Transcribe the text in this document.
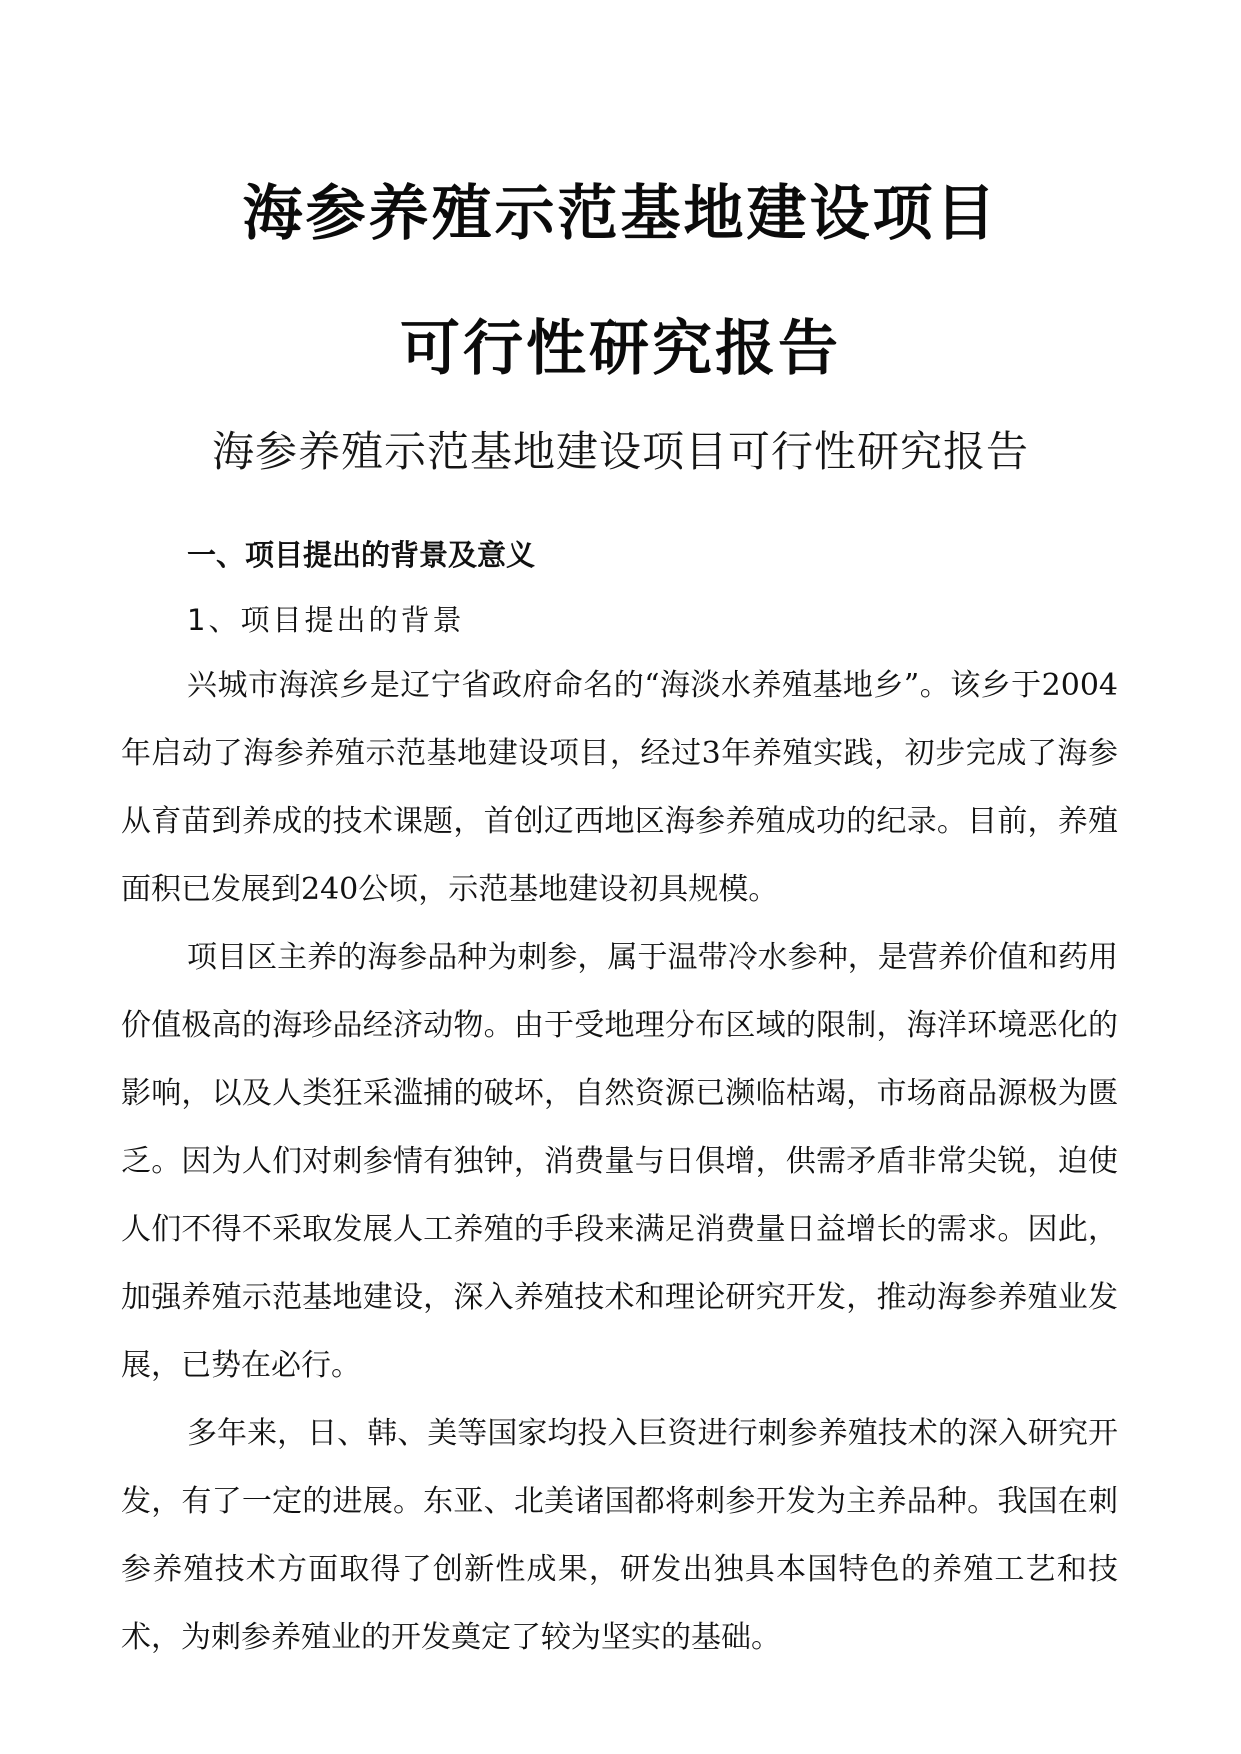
海参养殖示范基地建设项目
可行性研究报告
海参养殖示范基地建设项目可行性研究报告
一、项目提出的背景及意义
1、项目提出的背景

兴城市海滨乡是辽宁省政府命名的“海淡水养殖基地乡”。该乡于2004年启动了海参养殖示范基地建设项目，经过3年养殖实践，初步完成了海参从育苗到养成的技术课题，首创辽西地区海参养殖成功的纪录。目前，养殖面积已发展到240公顷，示范基地建设初具规模。

项目区主养的海参品种为刺参，属于温带冷水参种，是营养价值和药用价值极高的海珍品经济动物。由于受地理分布区域的限制，海洋环境恶化的影响，以及人类狂采滥捕的破坏，自然资源已濒临枯竭，市场商品源极为匮乏。因为人们对刺参情有独钟，消费量与日俱增，供需矛盾非常尖锐，迫使人们不得不采取发展人工养殖的手段来满足消费量日益增长的需求。因此，加强养殖示范基地建设，深入养殖技术和理论研究开发，推动海参养殖业发展，已势在必行。

多年来，日、韩、美等国家均投入巨资进行刺参养殖技术的深入研究开发，有了一定的进展。东亚、北美诸国都将刺参开发为主养品种。我国在刺参养殖技术方面取得了创新性成果，研发出独具本国特色的养殖工艺和技术，为刺参养殖业的开发奠定了较为坚实的基础。
